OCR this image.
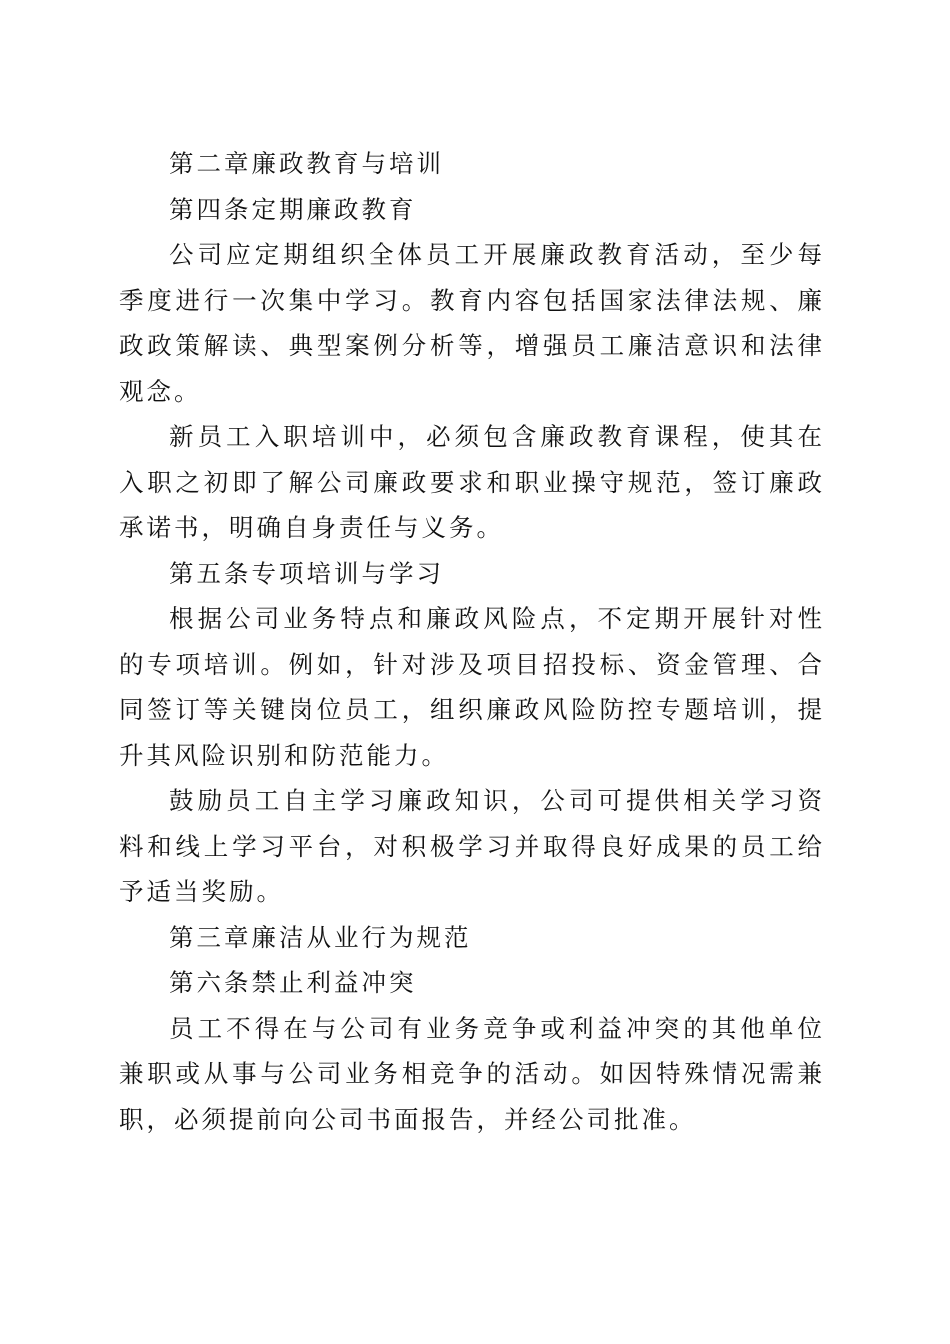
第二章廉政教育与培训

第四条定期廉政教育

公司应定期组织全体员工开展廉政教育活动，至少每季度进行一次集中学习。教育内容包括国家法律法规、廉政政策解读、典型案例分析等，增强员工廉洁意识和法律观念。

新员工入职培训中，必须包含廉政教育课程，使其在入职之初即了解公司廉政要求和职业操守规范，签订廉政承诺书，明确自身责任与义务。

第五条专项培训与学习

根据公司业务特点和廉政风险点，不定期开展针对性的专项培训。例如，针对涉及项目招投标、资金管理、合同签订等关键岗位员工，组织廉政风险防控专题培训，提升其风险识别和防范能力。

鼓励员工自主学习廉政知识，公司可提供相关学习资料和线上学习平台，对积极学习并取得良好成果的员工给予适当奖励。

第三章廉洁从业行为规范

第六条禁止利益冲突

员工不得在与公司有业务竞争或利益冲突的其他单位兼职或从事与公司业务相竞争的活动。如因特殊情况需兼职，必须提前向公司书面报告，并经公司批准。
